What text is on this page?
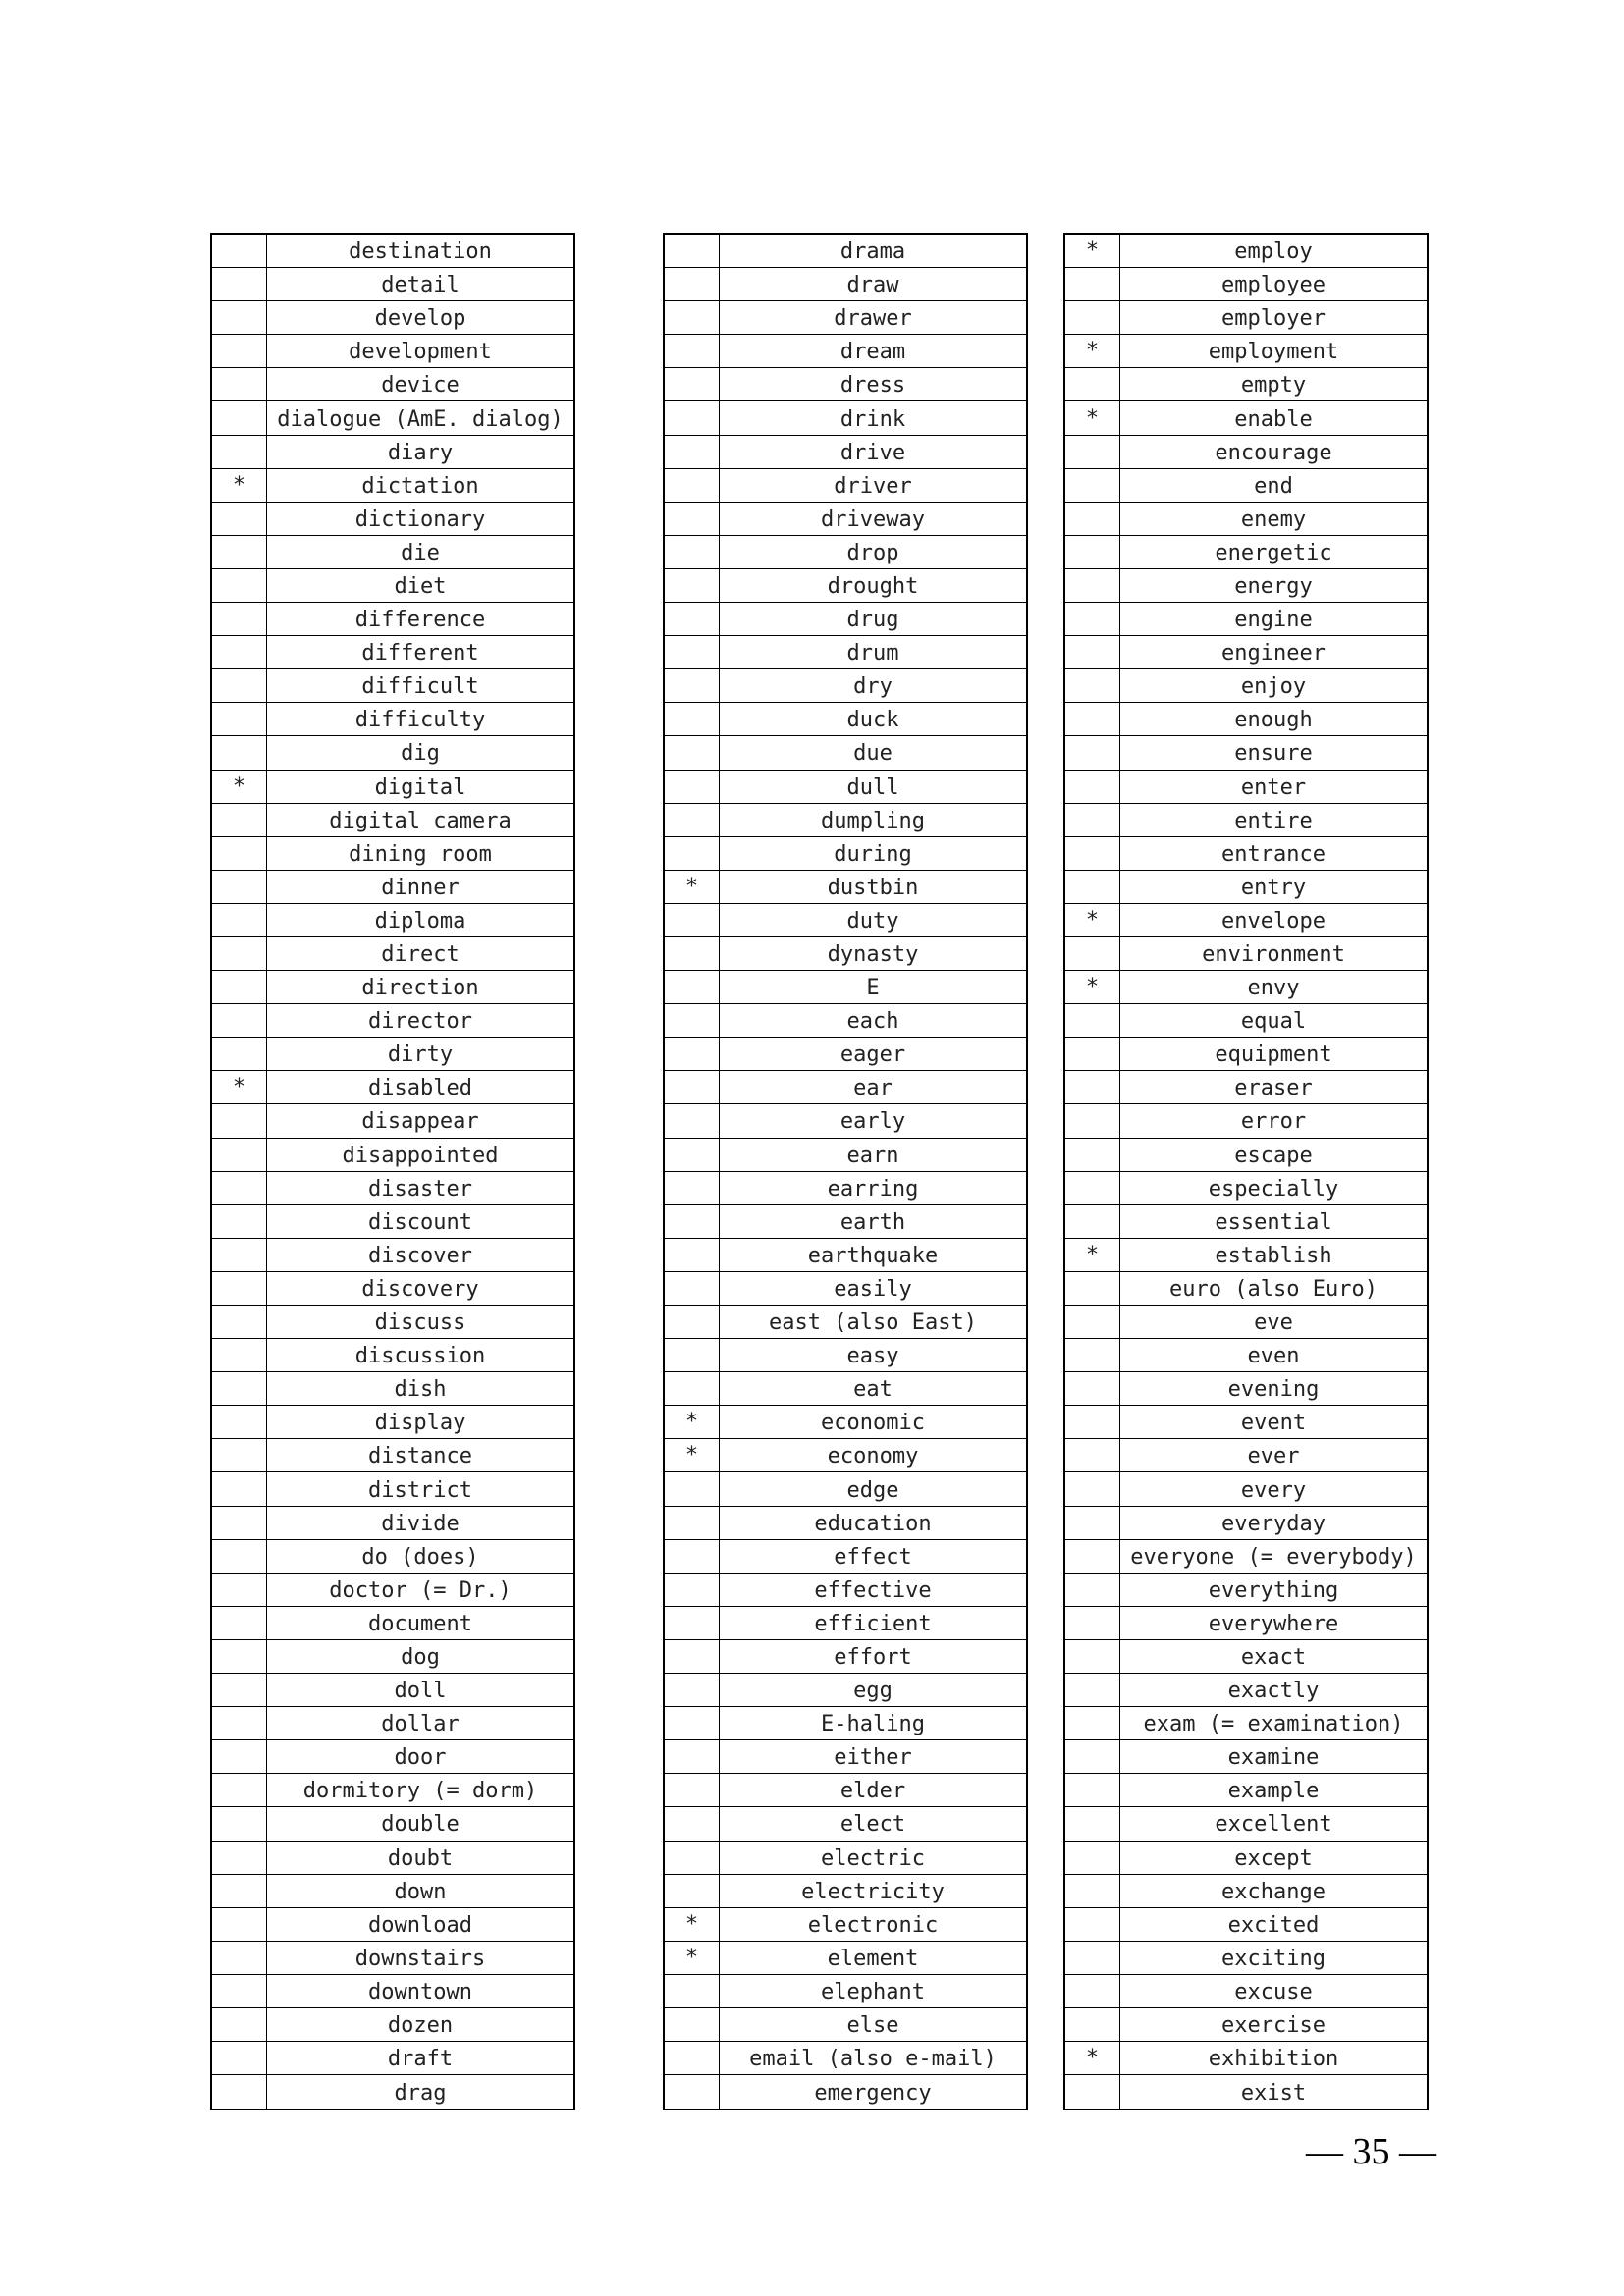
destination
detail
develop
development
device
dialogue (AmE. dialog)
diary
*	dictation
dictionary
die
diet
difference
different
difficult
difficulty
dig
*	digital
digital camera
dining room
dinner
diploma
direct
direction
director
dirty
*	disabled
disappear
disappointed
disaster
discount
discover
discovery
discuss
discussion
dish
display
distance
district
divide
do (does)
doctor (= Dr.)
document
dog
doll
dollar
door
dormitory (= dorm)
double
doubt
down
download
downstairs
downtown
dozen
draft
drag
drama
draw
drawer
dream
dress
drink
drive
driver
driveway
drop
drought
drug
drum
dry
duck
due
dull
dumpling
during
*	dustbin
duty
dynasty
E
each
eager
ear
early
earn
earring
earth
earthquake
easily
east (also East)
easy
eat
*	economic
*	economy
edge
education
effect
effective
efficient
effort
egg
E-haling
either
elder
elect
electric
electricity
*	electronic
*	element
elephant
else
email (also e-mail)
emergency
*	employ
employee
employer
*	employment
empty
*	enable
encourage
end
enemy
energetic
energy
engine
engineer
enjoy
enough
ensure
enter
entire
entrance
entry
*	envelope
environment
*	envy
equal
equipment
eraser
error
escape
especially
essential
*	establish
euro (also Euro)
eve
even
evening
event
ever
every
everyday
everyone (= everybody)
everything
everywhere
exact
exactly
exam (= examination)
examine
example
excellent
except
exchange
excited
exciting
excuse
exercise
*	exhibition
exist
— 35 —
